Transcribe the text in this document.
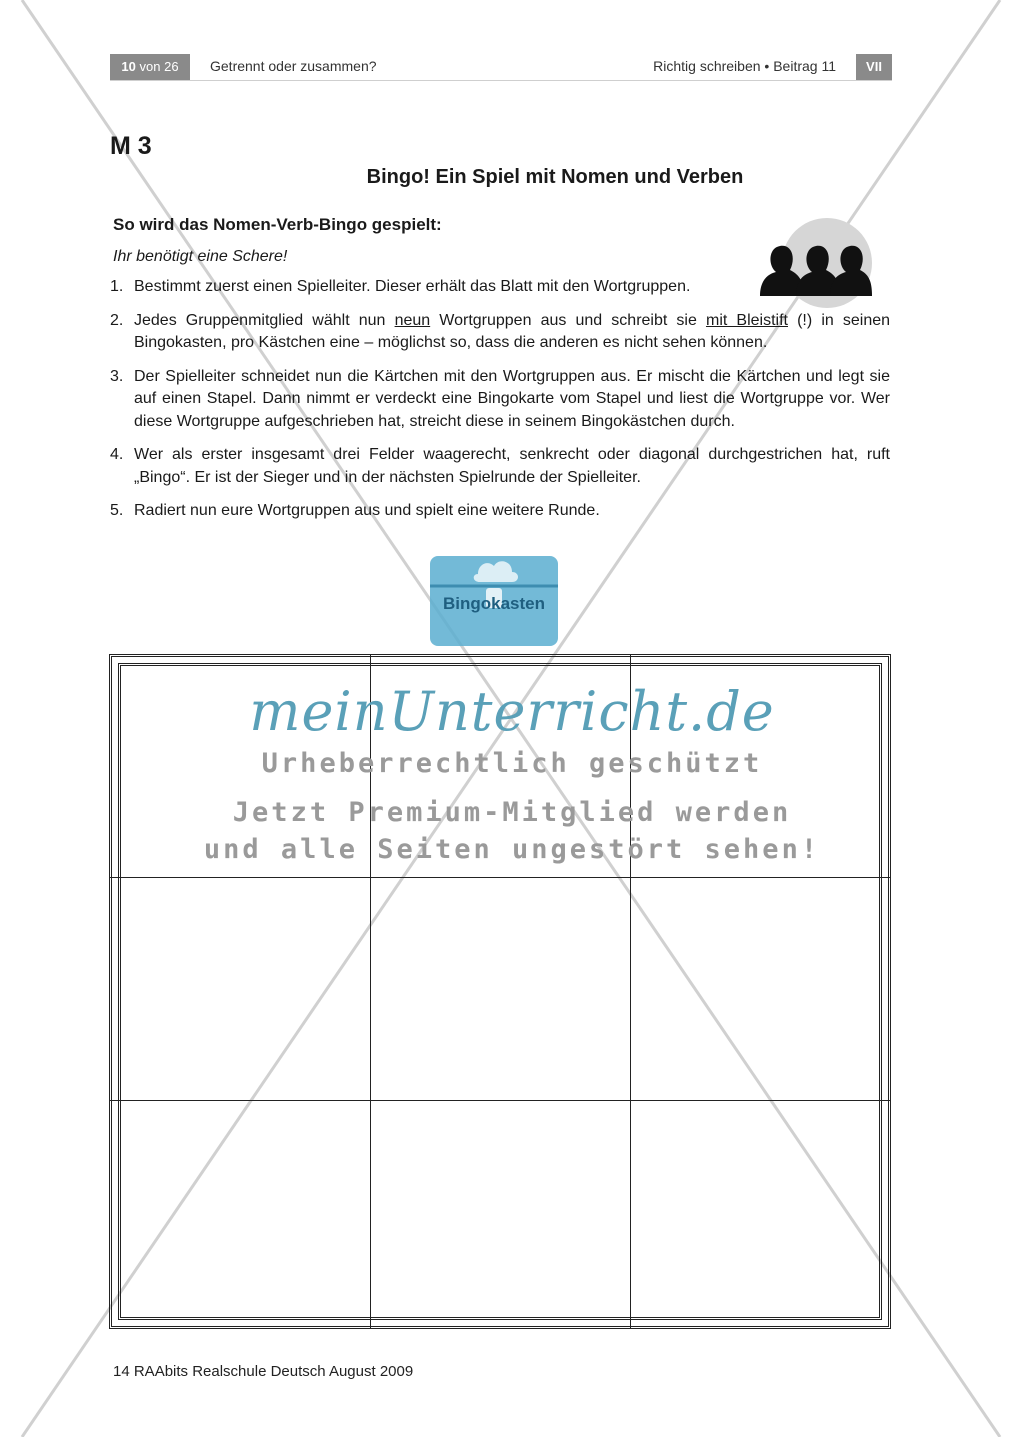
10 von 26	Getrennt oder zusammen?	Richtig schreiben • Beitrag 11	VII
M 3
Bingo! Ein Spiel mit Nomen und Verben
So wird das Nomen-Verb-Bingo gespielt:
Ihr benötigt eine Schere!
1. Bestimmt zuerst einen Spielleiter. Dieser erhält das Blatt mit den Wortgruppen.
2. Jedes Gruppenmitglied wählt nun neun Wortgruppen aus und schreibt sie mit Bleistift (!) in seinen Bingokasten, pro Kästchen eine – möglichst so, dass die anderen es nicht sehen können.
3. Der Spielleiter schneidet nun die Kärtchen mit den Wortgruppen aus. Er mischt die Kärtchen und legt sie auf einen Stapel. Dann nimmt er verdeckt eine Bingokarte vom Stapel und liest die Wortgruppe vor. Wer diese Wortgruppe aufgeschrieben hat, streicht diese in seinem Bingokästchen durch.
4. Wer als erster insgesamt drei Felder waagerecht, senkrecht oder diagonal durchgestrichen hat, ruft „Bingo“. Er ist der Sieger und in der nächsten Spielrunde der Spielleiter.
5. Radiert nun eure Wortgruppen aus und spielt eine weitere Runde.
Bingokasten
meinUnterricht.de
Urheberrechtlich geschützt
Jetzt Premium-Mitglied werden
und alle Seiten ungestört sehen!
14 RAAbits Realschule Deutsch August 2009
